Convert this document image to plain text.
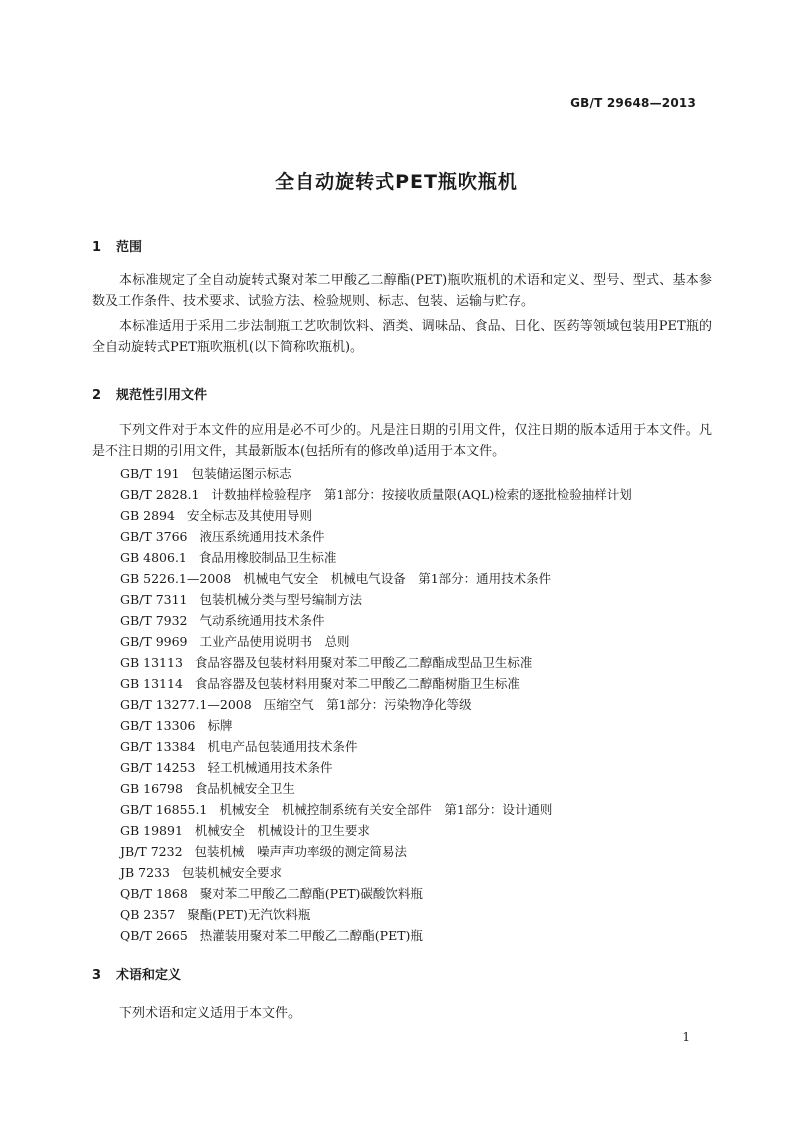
GB/T 29648—2013
全自动旋转式PET瓶吹瓶机
1 范围

本标准规定了全自动旋转式聚对苯二甲酸乙二醇酯(PET)瓶吹瓶机的术语和定义、型号、型式、基本参数及工作条件、技术要求、试验方法、检验规则、标志、包装、运输与贮存。

本标准适用于采用二步法制瓶工艺吹制饮料、酒类、调味品、食品、日化、医药等领域包装用PET瓶的全自动旋转式PET瓶吹瓶机(以下简称吹瓶机)。

2 规范性引用文件

下列文件对于本文件的应用是必不可少的。凡是注日期的引用文件，仅注日期的版本适用于本文件。凡是不注日期的引用文件，其最新版本(包括所有的修改单)适用于本文件。

GB/T 191 包装储运图示标志
GB/T 2828.1 计数抽样检验程序　第1部分：按接收质量限(AQL)检索的逐批检验抽样计划
GB 2894 安全标志及其使用导则
GB/T 3766 液压系统通用技术条件
GB 4806.1 食品用橡胶制品卫生标准
GB 5226.1—2008 机械电气安全　机械电气设备　第1部分：通用技术条件
GB/T 7311 包装机械分类与型号编制方法
GB/T 7932 气动系统通用技术条件
GB/T 9969 工业产品使用说明书　总则
GB 13113 食品容器及包装材料用聚对苯二甲酸乙二醇酯成型品卫生标准
GB 13114 食品容器及包装材料用聚对苯二甲酸乙二醇酯树脂卫生标准
GB/T 13277.1—2008 压缩空气　第1部分：污染物净化等级
GB/T 13306 标牌
GB/T 13384 机电产品包装通用技术条件
GB/T 14253 轻工机械通用技术条件
GB 16798 食品机械安全卫生
GB/T 16855.1 机械安全　机械控制系统有关安全部件　第1部分：设计通则
GB 19891 机械安全　机械设计的卫生要求
JB/T 7232 包装机械　噪声声功率级的测定简易法
JB 7233 包装机械安全要求
QB/T 1868 聚对苯二甲酸乙二醇酯(PET)碳酸饮料瓶
QB 2357 聚酯(PET)无汽饮料瓶
QB/T 2665 热灌装用聚对苯二甲酸乙二醇酯(PET)瓶
3 术语和定义

下列术语和定义适用于本文件。

1
